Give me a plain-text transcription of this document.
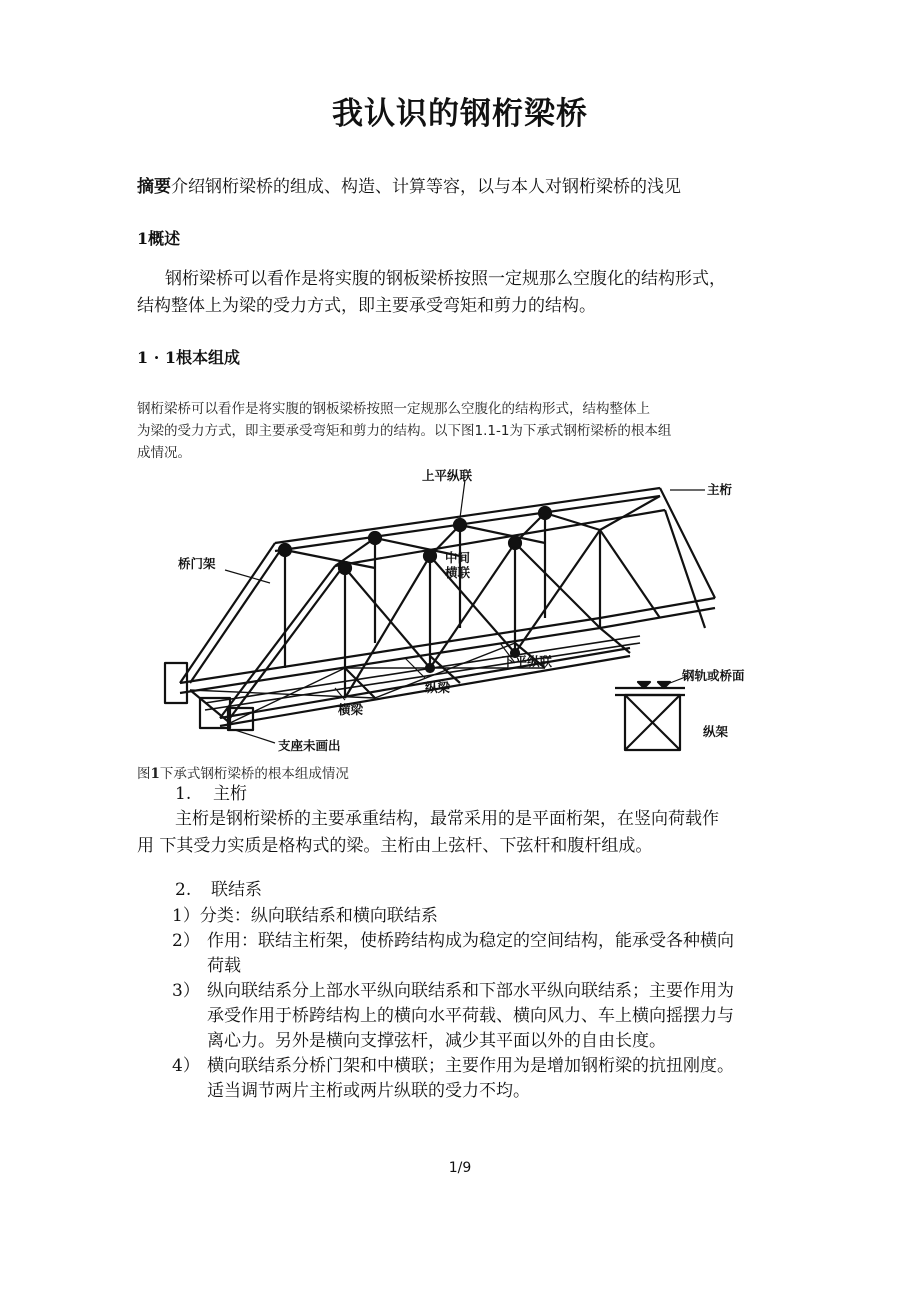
我认识的钢桁梁桥
摘要介绍钢桁梁桥的组成、构造、计算等容，以与本人对钢桁梁桥的浅见
1概述
钢桁梁桥可以看作是将实腹的钢板梁桥按照一定规那么空腹化的结构形式，
结构整体上为梁的受力方式，即主要承受弯矩和剪力的结构。
1 · 1根本组成
钢桁梁桥可以看作是将实腹的钢板梁桥按照一定规那么空腹化的结构形式，结构整体上
为梁的受力方式，即主要承受弯矩和剪力的结构。以下图1.1-1为下承式钢桁梁桥的根本组
成情况。
上平纵联
主桁
桥门架	中间
横联
下平纵联
钢轨或桥面
纵梁
横梁
支座未画出
纵架
图1下承式钢桁梁桥的根本组成情况
1. 主桁
主桁是钢桁梁桥的主要承重结构，最常采用的是平面桁架，在竖向荷载作
用 下其受力实质是格构式的梁。主桁由上弦杆、下弦杆和腹杆组成。
2. 联结系
1）分类：纵向联结系和横向联结系
2） 作用：联结主桁架，使桥跨结构成为稳定的空间结构，能承受各种横向
荷载
3） 纵向联结系分上部水平纵向联结系和下部水平纵向联结系；主要作用为
承受作用于桥跨结构上的横向水平荷载、横向风力、车上横向摇摆力与
离心力。另外是横向支撑弦杆，减少其平面以外的自由长度。
4） 横向联结系分桥门架和中横联；主要作用为是增加钢桁梁的抗扭刚度。
适当调节两片主桁或两片纵联的受力不均。
1/9
